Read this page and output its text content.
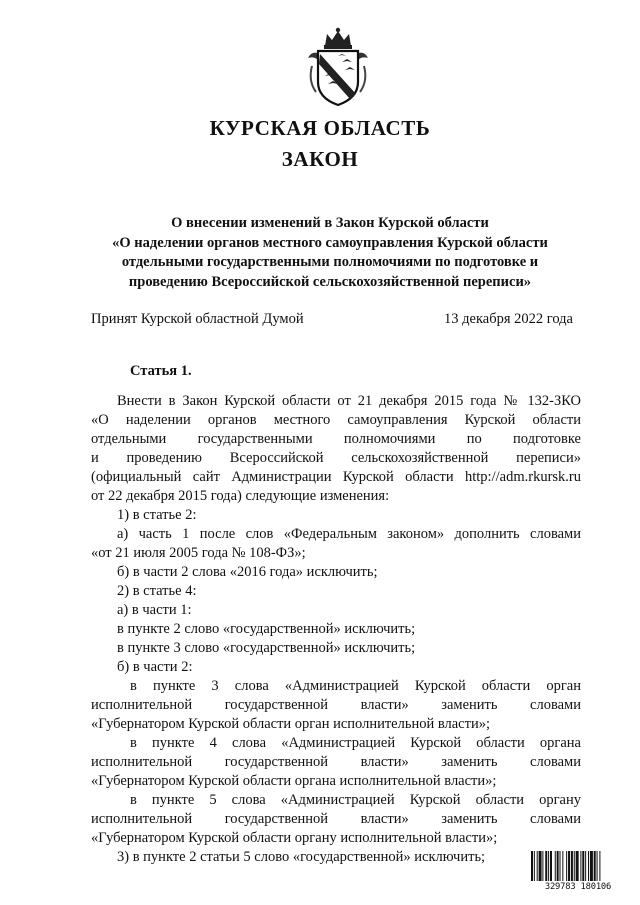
КУРСКАЯ ОБЛАСТЬ
ЗАКОН
О внесении изменений в Закон Курской области
«О наделении органов местного самоуправления Курской области
отдельными государственными полномочиями по подготовке и
проведению Всероссийской сельскохозяйственной переписи»
Принят Курской областной Думой	13 декабря 2022 года
Статья 1.
Внести в Закон Курской области от 21 декабря 2015 года № 132-ЗКО
«О наделении органов местного самоуправления Курской области
отдельными государственными полномочиями по подготовке
и проведению Всероссийской сельскохозяйственной переписи»
(официальный сайт Администрации Курской области http://adm.rkursk.ru
от 22 декабря 2015 года) следующие изменения:
1) в статье 2:
а) часть 1 после слов «Федеральным законом» дополнить словами
«от 21 июля 2005 года № 108-ФЗ»;
б) в части 2 слова «2016 года» исключить;
2) в статье 4:
а) в части 1:
в пункте 2 слово «государственной» исключить;
в пункте 3 слово «государственной» исключить;
б) в части 2:
в пункте 3 слова «Администрацией Курской области орган
исполнительной государственной власти» заменить словами
«Губернатором Курской области орган исполнительной власти»;
в пункте 4 слова «Администрацией Курской области органа
исполнительной государственной власти» заменить словами
«Губернатором Курской области органа исполнительной власти»;
в пункте 5 слова «Администрацией Курской области органу
исполнительной государственной власти» заменить словами
«Губернатором Курской области органу исполнительной власти»;
3) в пункте 2 статьи 5 слово «государственной» исключить;
329783 180106
